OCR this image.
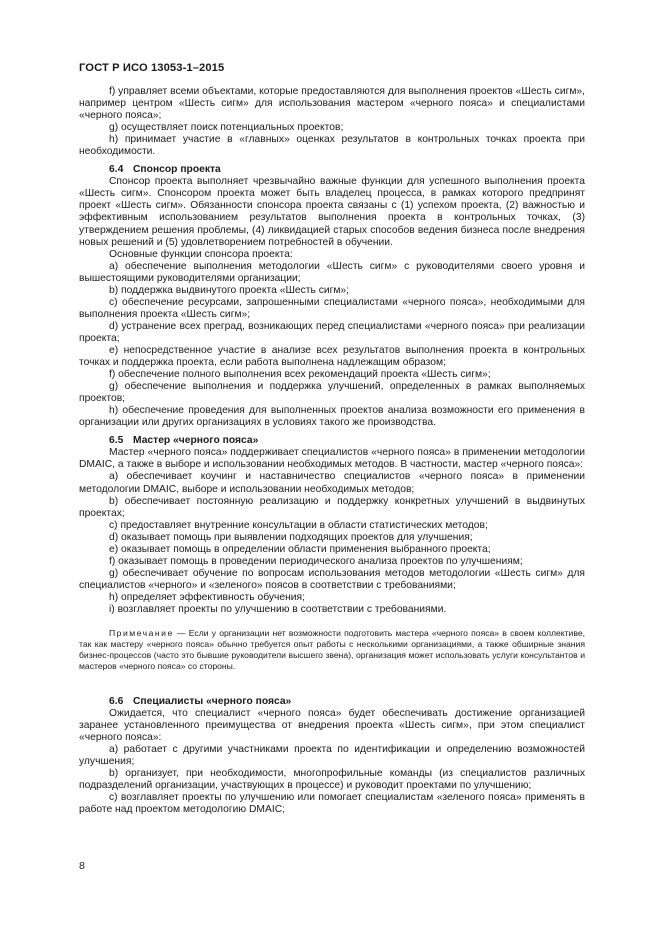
ГОСТ Р ИСО 13053-1–2015

f) управляет всеми объектами, которые предоставляются для выполнения проектов «Шесть сигм», например центром «Шесть сигм» для использования мастером «черного пояса» и специалистами «черного пояса»;

g) осуществляет поиск потенциальных проектов;

h) принимает участие в «главных» оценках результатов в контрольных точках проекта при необходимости.

6.4 Спонсор проекта

Спонсор проекта выполняет чрезвычайно важные функции для успешного выполнения проекта «Шесть сигм». Спонсором проекта может быть владелец процесса, в рамках которого предпринят проект «Шесть сигм». Обязанности спонсора проекта связаны с (1) успехом проекта, (2) важностью и эффективным использованием результатов выполнения проекта в контрольных точках, (3) утверждением решения проблемы, (4) ликвидацией старых способов ведения бизнеса после внедрения новых решений и (5) удовлетворением потребностей в обучении.

Основные функции спонсора проекта:

а) обеспечение выполнения методологии «Шесть сигм» с руководителями своего уровня и вышестоящими руководителями организации;

b) поддержка выдвинутого проекта «Шесть сигм»;

с) обеспечение ресурсами, запрошенными специалистами «черного пояса», необходимыми для выполнения проекта «Шесть сигм»;

d) устранение всех преград, возникающих перед специалистами «черного пояса» при реализации проекта;

е) непосредственное участие в анализе всех результатов выполнения проекта в контрольных точках и поддержка проекта, если работа выполнена надлежащим образом;

f) обеспечение полного выполнения всех рекомендаций проекта «Шесть сигм»;

g) обеспечение выполнения и поддержка улучшений, определенных в рамках выполняемых проектов;

h) обеспечение проведения для выполненных проектов анализа возможности его применения в организации или других организациях в условиях такого же производства.

6.5 Мастер «черного пояса»

Мастер «черного пояса» поддерживает специалистов «черного пояса» в применении методологии DMAIC, а также в выборе и использовании необходимых методов. В частности, мастер «черного пояса»:

а) обеспечивает коучинг и наставничество специалистов «черного пояса» в применении методологии DMAIC, выборе и использовании необходимых методов;

b) обеспечивает постоянную реализацию и поддержку конкретных улучшений в выдвинутых проектах;

с) предоставляет внутренние консультации в области статистических методов;

d) оказывает помощь при выявлении подходящих проектов для улучшения;

е) оказывает помощь в определении области применения выбранного проекта;

f) оказывает помощь в проведении периодического анализа проектов по улучшениям;

g) обеспечивает обучение по вопросам использования методов методологии «Шесть сигм» для специалистов «черного» и «зеленого» поясов в соответствии с требованиями;

h) определяет эффективность обучения;

i) возглавляет проекты по улучшению в соответствии с требованиями.

Примечание — Если у организации нет возможности подготовить мастера «черного пояса» в своем коллективе, так как мастеру «черного пояса» обычно требуется опыт работы с несколькими организациями, а также обширные знания бизнес-процессов (часто это бывшие руководители высшего звена), организация может использовать услуги консультантов и мастеров «черного пояса» со стороны.

6.6 Специалисты «черного пояса»

Ожидается, что специалист «черного пояса» будет обеспечивать достижение организацией заранее установленного преимущества от внедрения проекта «Шесть сигм», при этом специалист «черного пояса»:

а) работает с другими участниками проекта по идентификации и определению возможностей улучшения;

b) организует, при необходимости, многопрофильные команды (из специалистов различных подразделений организации, участвующих в процессе) и руководит проектами по улучшению;

с) возглавляет проекты по улучшению или помогает специалистам «зеленого пояса» применять в работе над проектом методологию DMAIC;

8
